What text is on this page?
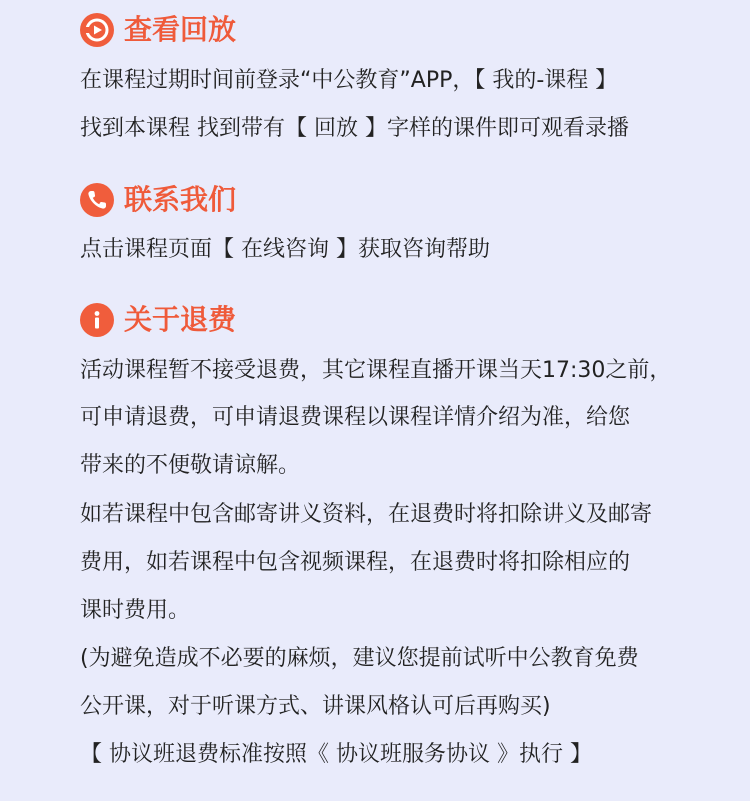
查看回放
在课程过期时间前登录“中公教育”APP，【 我的-课程 】
找到本课程 找到带有【 回放 】字样的课件即可观看录播
联系我们
点击课程页面【 在线咨询 】获取咨询帮助
关于退费
活动课程暂不接受退费，其它课程直播开课当天17:30之前，
可申请退费，可申请退费课程以课程详情介绍为准，给您
带来的不便敬请谅解。
如若课程中包含邮寄讲义资料，在退费时将扣除讲义及邮寄
费用，如若课程中包含视频课程，在退费时将扣除相应的
课时费用。
(为避免造成不必要的麻烦，建议您提前试听中公教育免费
公开课，对于听课方式、讲课风格认可后再购买)
【 协议班退费标准按照《 协议班服务协议 》执行 】
